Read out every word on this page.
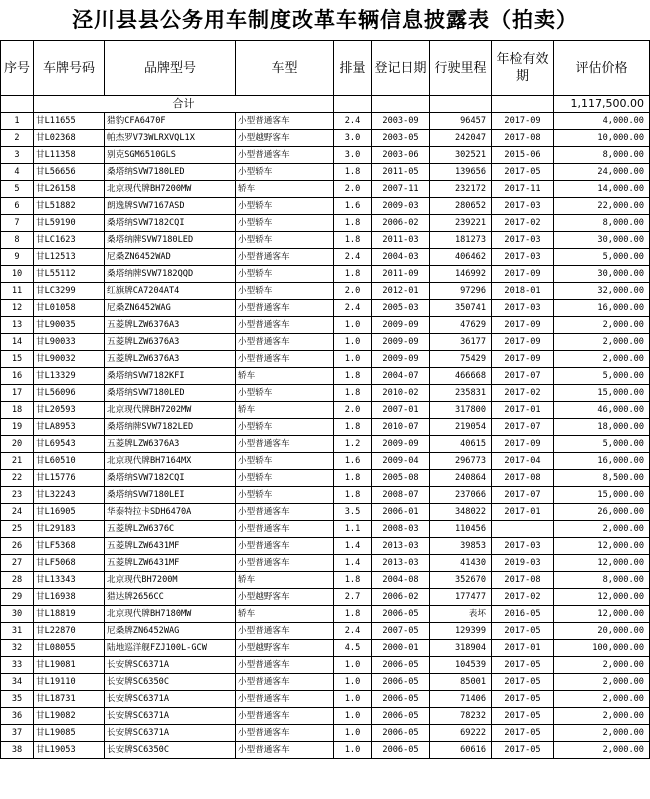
泾川县县公务用车制度改革车辆信息披露表（拍卖）
序号	车牌号码	品牌型号	车型	排量	登记日期	行驶里程	年检有效期	评估价格
	合计							1,117,500.00
1	甘L11655	猎豹CFA6470F	小型普通客车	2.4	2003-09	96457	2017-09	4,000.00
2	甘L02368	帕杰罗V73WLRXVQL1X	小型越野客车	3.0	2003-05	242047	2017-08	10,000.00
3	甘L11358	别克SGM6510GLS	小型普通客车	3.0	2003-06	302521	2015-06	8,000.00
4	甘L56656	桑塔纳SVW7180LED	小型轿车	1.8	2011-05	139656	2017-05	24,000.00
5	甘L26158	北京现代牌BH7200MW	轿车	2.0	2007-11	232172	2017-11	14,000.00
6	甘L51882	朗逸牌SVW7167ASD	小型轿车	1.6	2009-03	280652	2017-03	22,000.00
7	甘L59190	桑塔纳SVW7182CQI	小型轿车	1.8	2006-02	239221	2017-02	8,000.00
8	甘LC1623	桑塔纳牌SVW7180LED	小型轿车	1.8	2011-03	181273	2017-03	30,000.00
9	甘L12513	尼桑ZN6452WAD	小型普通客车	2.4	2004-03	406462	2017-03	5,000.00
10	甘L55112	桑塔纳牌SVW7182QQD	小型轿车	1.8	2011-09	146992	2017-09	30,000.00
11	甘LC3299	红旗牌CA7204AT4	小型轿车	2.0	2012-01	97296	2018-01	32,000.00
12	甘L01058	尼桑ZN6452WAG	小型普通客车	2.4	2005-03	350741	2017-03	16,000.00
13	甘L90035	五菱牌LZW6376A3	小型普通客车	1.0	2009-09	47629	2017-09	2,000.00
14	甘L90033	五菱牌LZW6376A3	小型普通客车	1.0	2009-09	36177	2017-09	2,000.00
15	甘L90032	五菱牌LZW6376A3	小型普通客车	1.0	2009-09	75429	2017-09	2,000.00
16	甘L13329	桑塔纳SVW7182KFI	轿车	1.8	2004-07	466668	2017-07	5,000.00
17	甘L56096	桑塔纳SVW7180LED	小型轿车	1.8	2010-02	235831	2017-02	15,000.00
18	甘L20593	北京现代牌BH7202MW	轿车	2.0	2007-01	317800	2017-01	46,000.00
19	甘LA8953	桑塔纳牌SVW7182LED	小型轿车	1.8	2010-07	219054	2017-07	18,000.00
20	甘L69543	五菱牌LZW6376A3	小型普通客车	1.2	2009-09	40615	2017-09	5,000.00
21	甘L60510	北京现代牌BH7164MX	小型轿车	1.6	2009-04	296773	2017-04	16,000.00
22	甘L15776	桑塔纳SVW7182CQI	小型轿车	1.8	2005-08	240864	2017-08	8,500.00
23	甘L32243	桑塔纳SVW7180LEI	小型轿车	1.8	2008-07	237066	2017-07	15,000.00
24	甘L16905	华泰特拉卡SDH6470A	小型普通客车	3.5	2006-01	348022	2017-01	26,000.00
25	甘L29183	五菱牌LZW6376C	小型普通客车	1.1	2008-03	110456		2,000.00
26	甘LF5368	五菱牌LZW6431MF	小型普通客车	1.4	2013-03	39853	2017-03	12,000.00
27	甘LF5068	五菱牌LZW6431MF	小型普通客车	1.4	2013-03	41430	2019-03	12,000.00
28	甘L13343	北京现代BH7200M	轿车	1.8	2004-08	352670	2017-08	8,000.00
29	甘L16938	猎达牌2656CC	小型越野客车	2.7	2006-02	177477	2017-02	12,000.00
30	甘L18819	北京现代牌BH7180MW	轿车	1.8	2006-05	表坏	2016-05	12,000.00
31	甘L22870	尼桑牌ZN6452WAG	小型普通客车	2.4	2007-05	129399	2017-05	20,000.00
32	甘L08055	陆地巡洋舰FZJ100L-GCW	小型越野客车	4.5	2000-01	318904	2017-01	100,000.00
33	甘L19081	长安牌SC6371A	小型普通客车	1.0	2006-05	104539	2017-05	2,000.00
34	甘L19110	长安牌SC6350C	小型普通客车	1.0	2006-05	85001	2017-05	2,000.00
35	甘L18731	长安牌SC6371A	小型普通客车	1.0	2006-05	71406	2017-05	2,000.00
36	甘L19082	长安牌SC6371A	小型普通客车	1.0	2006-05	78232	2017-05	2,000.00
37	甘L19085	长安牌SC6371A	小型普通客车	1.0	2006-05	69222	2017-05	2,000.00
38	甘L19053	长安牌SC6350C	小型普通客车	1.0	2006-05	60616	2017-05	2,000.00
